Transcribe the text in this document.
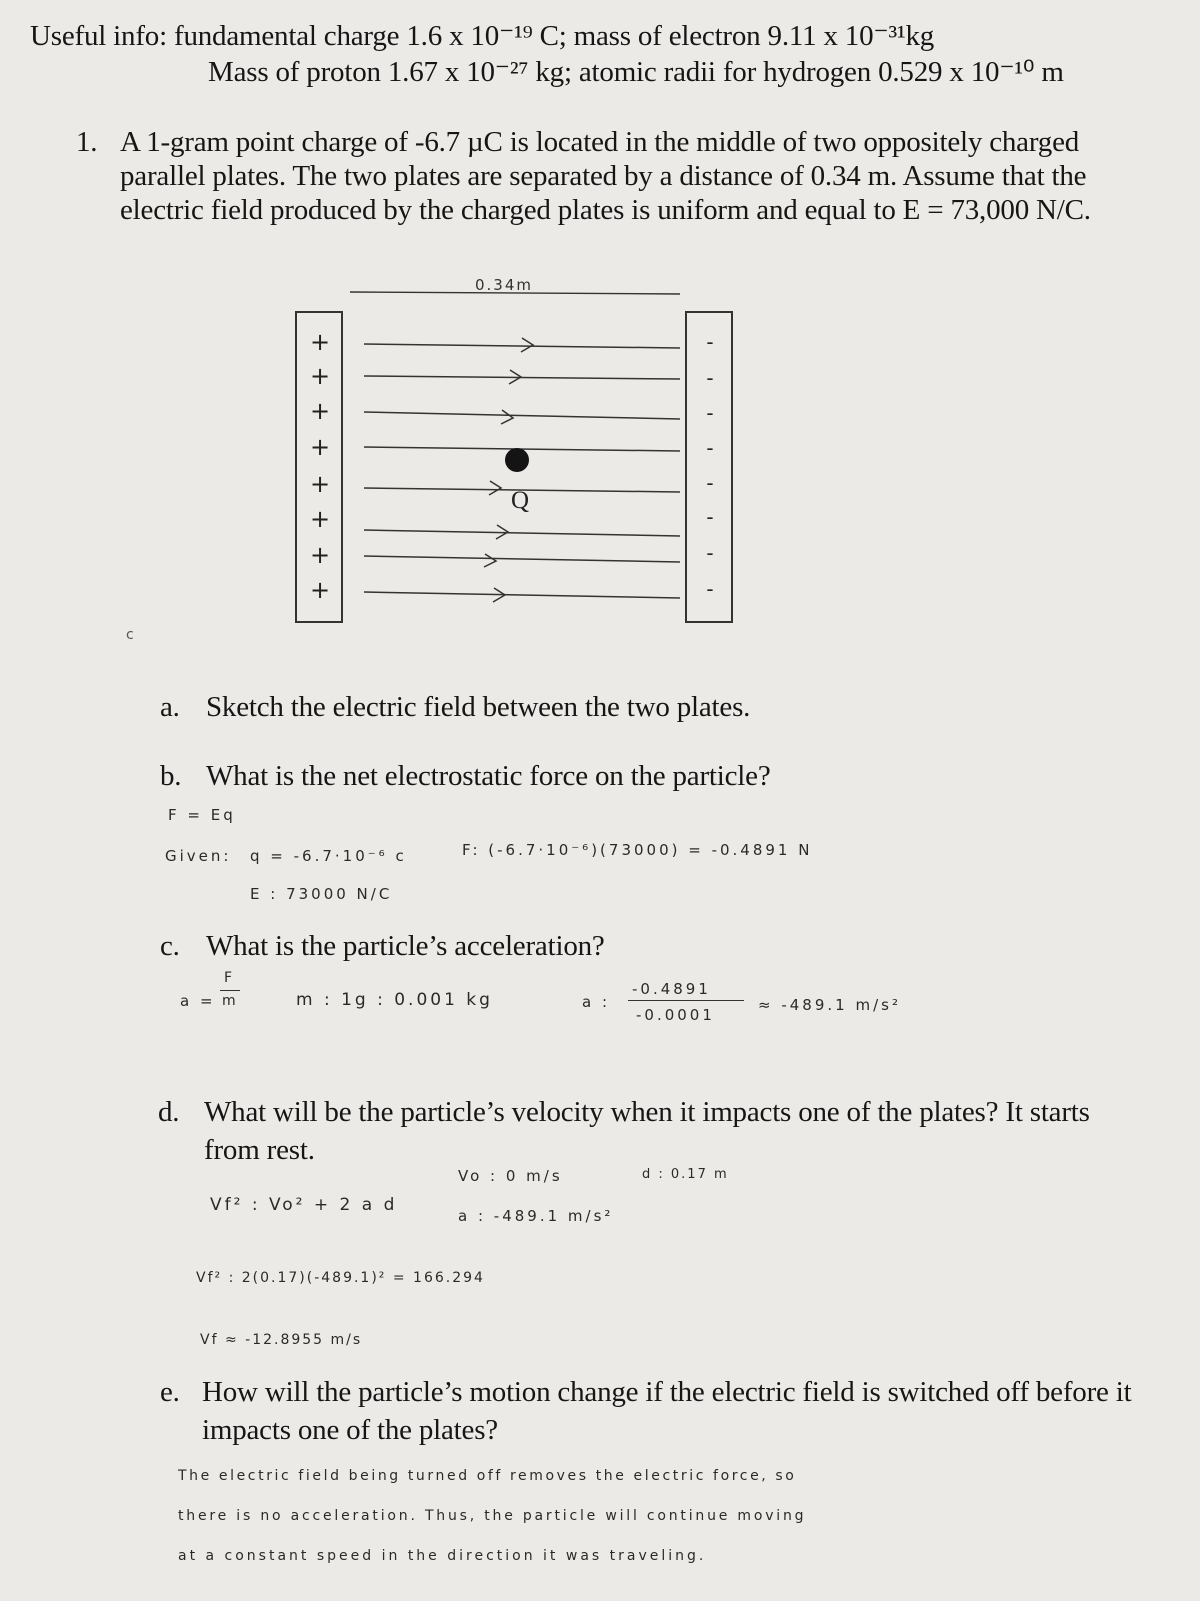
Useful info: fundamental charge 1.6 x 10⁻¹⁹ C; mass of electron 9.11 x 10⁻³¹kg
Mass of proton 1.67 x 10⁻²⁷ kg; atomic radii for hydrogen 0.529 x 10⁻¹⁰ m
1. A 1-gram point charge of -6.7 µC is located in the middle of two oppositely charged
parallel plates. The two plates are separated by a distance of 0.34 m. Assume that the
electric field produced by the charged plates is uniform and equal to E = 73,000 N/C.
0.34m
+
+
+
+
+
+
+
+
-
-
-
-
-
-
-
-
Q
c
a. Sketch the electric field between the two plates.
b. What is the net electrostatic force on the particle?
F = Eq
Given: q = -6.7·10⁻⁶ c
E : 73000 N/C
F: (-6.7·10⁻⁶)(73000) = -0.4891 N
c. What is the particle’s acceleration?
a =
F
m	m : 1g : 0.001 kg	a :
-0.4891
-0.0001
≈ -489.1 m/s²
d. What will be the particle’s velocity when it impacts one of the plates? It starts
from rest.
Vf² : Vo² + 2 a d
Vo : 0 m/s	d : 0.17 m
a : -489.1 m/s²
Vf² : 2(0.17)(-489.1)² = 166.294
Vf ≈ -12.8955 m/s
e. How will the particle’s motion change if the electric field is switched off before it
impacts one of the plates?
The electric field being turned off removes the electric force, so
there is no acceleration. Thus, the particle will continue moving
at a constant speed in the direction it was traveling.
